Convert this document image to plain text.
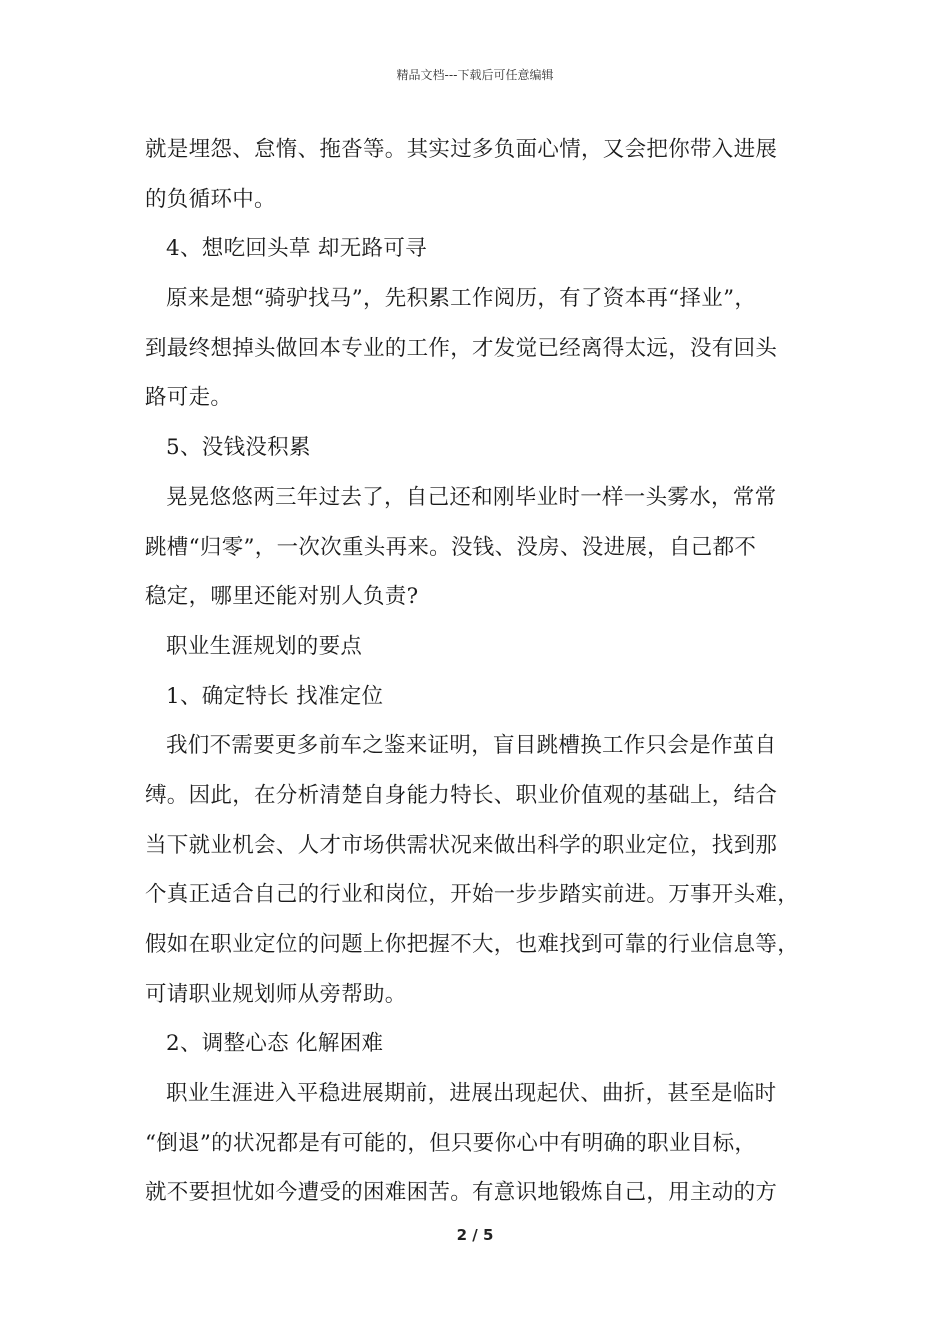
精品文档---下载后可任意编辑
就是埋怨、怠惰、拖沓等。其实过多负面心情，又会把你带入进展
的负循环中。
4、想吃回头草 却无路可寻
原来是想“骑驴找马”，先积累工作阅历，有了资本再“择业”，
到最终想掉头做回本专业的工作，才发觉已经离得太远，没有回头
路可走。
5、没钱没积累
晃晃悠悠两三年过去了，自己还和刚毕业时一样一头雾水，常常
跳槽“归零”，一次次重头再来。没钱、没房、没进展，自己都不
稳定，哪里还能对别人负责?
职业生涯规划的要点
1、确定特长 找准定位
我们不需要更多前车之鉴来证明，盲目跳槽换工作只会是作茧自
缚。因此，在分析清楚自身能力特长、职业价值观的基础上，结合
当下就业机会、人才市场供需状况来做出科学的职业定位，找到那
个真正适合自己的行业和岗位，开始一步步踏实前进。万事开头难，
假如在职业定位的问题上你把握不大，也难找到可靠的行业信息等，
可请职业规划师从旁帮助。
2、调整心态 化解困难
职业生涯进入平稳进展期前，进展出现起伏、曲折，甚至是临时
“倒退”的状况都是有可能的，但只要你心中有明确的职业目标，
就不要担忧如今遭受的困难困苦。有意识地锻炼自己，用主动的方
2 / 5
